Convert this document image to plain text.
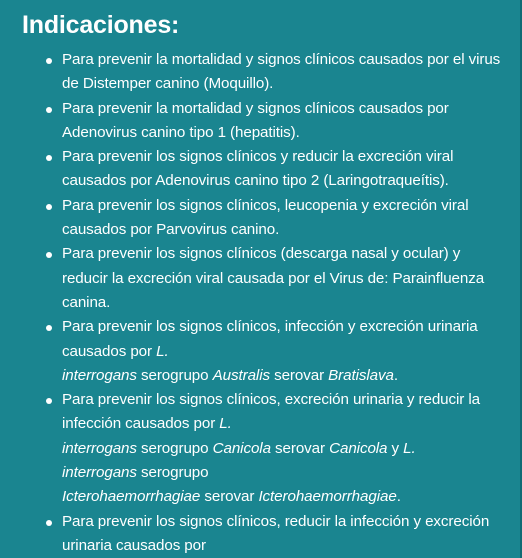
Indicaciones:
Para prevenir la mortalidad y signos clínicos causados por el virus de Distemper canino (Moquillo).
Para prevenir la mortalidad y signos clínicos causados por Adenovirus canino tipo 1 (hepatitis).
Para prevenir los signos clínicos y reducir la excreción viral causados por Adenovirus canino tipo 2 (Laringotraqueítis).
Para prevenir los signos clínicos, leucopenia y excreción viral causados por Parvovirus canino.
Para prevenir los signos clínicos (descarga nasal y ocular) y reducir la excreción viral causada por el Virus de: Parainfluenza canina.
Para prevenir los signos clínicos, infección y excreción urinaria causados por L.
interrogans serogrupo Australis serovar Bratislava.
Para prevenir los signos clínicos, excreción urinaria y reducir la infección causados por L.
interrogans serogrupo Canicola serovar Canicola y L.
interrogans serogrupo
Icterohaemorrhagiae serovar Icterohaemorrhagiae.
Para prevenir los signos clínicos, reducir la infección y excreción urinaria causados por
